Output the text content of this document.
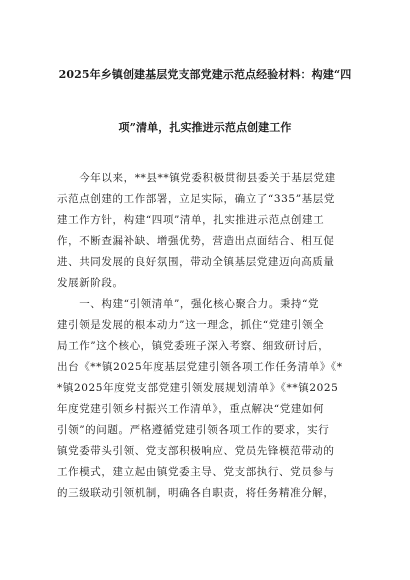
2025年乡镇创建基层党支部党建示范点经验材料：构建“四
项”清单，扎实推进示范点创建工作
　　今年以来，**县**镇党委积极贯彻县委关于基层党建
示范点创建的工作部署，立足实际，确立了“335”基层党
建工作方针，构建“四项”清单，扎实推进示范点创建工
作，不断查漏补缺、增强优势，营造出点面结合、相互促
进、共同发展的良好氛围，带动全镇基层党建迈向高质量
发展新阶段。
　　一、构建“引领清单”，强化核心聚合力。秉持“党
建引领是发展的根本动力”这一理念，抓住“党建引领全
局工作”这个核心，镇党委班子深入考察、细致研讨后，
出台《**镇2025年度基层党建引领各项工作任务清单》《*
*镇2025年度党支部党建引领发展规划清单》《**镇2025
年度党建引领乡村振兴工作清单》，重点解决“党建如何
引领”的问题。严格遵循党建引领各项工作的要求，实行
镇党委带头引领、党支部积极响应、党员先锋模范带动的
工作模式，建立起由镇党委主导、党支部执行、党员参与
的三级联动引领机制，明确各自职责，将任务精准分解，
